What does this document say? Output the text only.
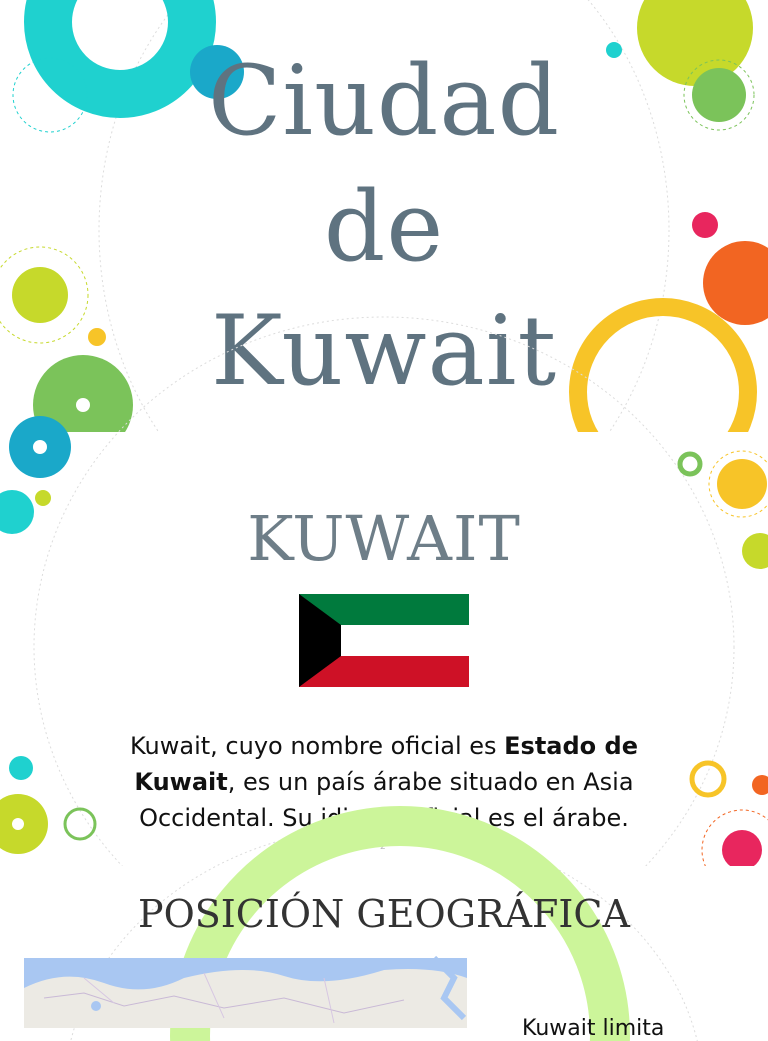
Ciudad
de
Kuwait
KUWAIT
Kuwait, cuyo nombre oficial es Estado de Kuwait, es un país árabe situado en Asia Occidental. Su idioma oficial es el árabe.
2
POSICIÓN GEOGRÁFICA
Kuwait limita
